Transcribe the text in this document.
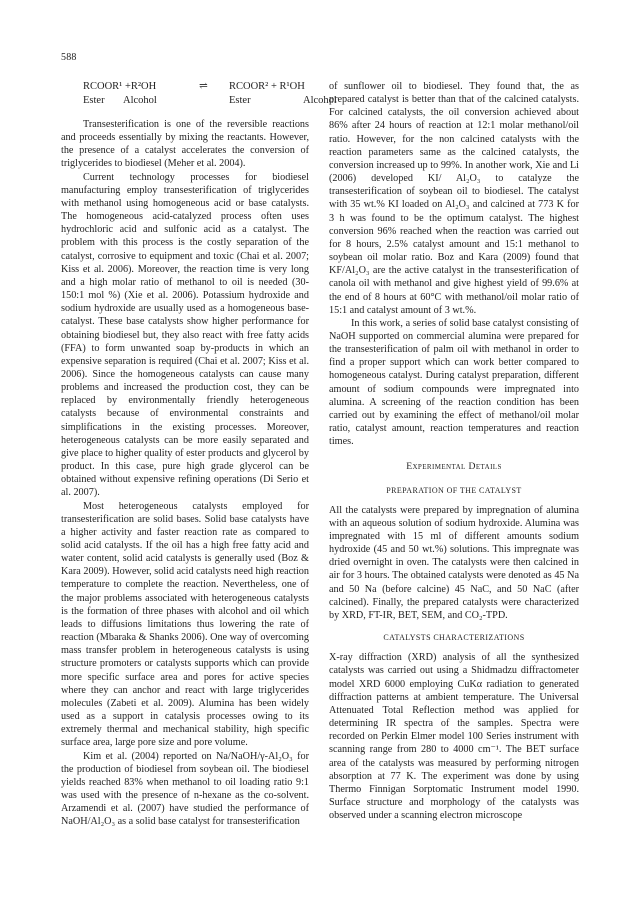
588
RCOOR¹ +R²OH	⇌	RCOOR² + R¹OH
Ester	Alcohol	Ester	Alcohol

Transesterification is one of the reversible reactions and proceeds essentially by mixing the reactants. However, the presence of a catalyst accelerates the conversion of triglycerides to biodiesel (Meher et al. 2004).

Current technology processes for biodiesel manufacturing employ transesterification of triglycerides with methanol using homogeneous acid or base catalysts. The homogeneous acid-catalyzed process often uses hydrochloric acid and sulfonic acid as a catalyst. The problem with this process is the costly separation of the catalyst, corrosive to equipment and toxic (Chai et al. 2007; Kiss et al. 2006). Moreover, the reaction time is very long and a high molar ratio of methanol to oil is needed (30-150:1 mol %) (Xie et al. 2006). Potassium hydroxide and sodium hydroxide are usually used as a homogeneous base-catalyst. These base catalysts show higher performance for obtaining biodiesel but, they also react with free fatty acids (FFA) to form unwanted soap by-products in which an expensive separation is required (Chai et al. 2007; Kiss et al. 2006). Since the homogeneous catalysts can cause many problems and increased the production cost, they can be replaced by environmentally friendly heterogeneous catalysts because of environmental constraints and simplifications in the existing processes. Moreover, heterogeneous catalysts can be more easily separated and give place to higher quality of ester products and glycerol by product. In this case, pure high grade glycerol can be obtained without expensive refining operations (Di Serio et al. 2007).

Most heterogeneous catalysts employed for transesterification are solid bases. Solid base catalysts have a higher activity and faster reaction rate as compared to solid acid catalysts. If the oil has a high free fatty acid and water content, solid acid catalysts is generally used (Boz & Kara 2009). However, solid acid catalysts need high reaction temperature to complete the reaction. Nevertheless, one of the major problems associated with heterogeneous catalysts is the formation of three phases with alcohol and oil which leads to diffusions limitations thus lowering the rate of reaction (Mbaraka & Shanks 2006). One way of overcoming mass transfer problem in heterogeneous catalysts is using structure promoters or catalysts supports which can provide more specific surface area and pores for active species where they can anchor and react with large triglycerides molecules (Zabeti et al. 2009). Alumina has been widely used as a support in catalysis processes owing to its extremely thermal and mechanical stability, high specific surface area, large pore size and pore volume.

Kim et al. (2004) reported on Na/NaOH/γ-Al₂O₃ for the production of biodiesel from soybean oil. The biodiesel yields reached 83% when methanol to oil loading ratio 9:1 was used with the presence of n-hexane as the co-solvent. Arzamendi et al. (2007) have studied the performance of NaOH/Al₂O₃ as a solid base catalyst for transesterification

of sunflower oil to biodiesel. They found that, the as prepared catalyst is better than that of the calcined catalysts. For calcined catalysts, the oil conversion achieved about 86% after 24 hours of reaction at 12:1 molar methanol/oil ratio. However, for the non calcined catalysts with the reaction parameters same as the calcined catalysts, the conversion increased up to 99%. In another work, Xie and Li (2006) developed KI/ Al₂O₃ to catalyze the transesterification of soybean oil to biodiesel. The catalyst with 35 wt.% KI loaded on Al₂O₃ and calcined at 773 K for 3 h was found to be the optimum catalyst. The highest conversion 96% reached when the reaction was carried out for 8 hours, 2.5% catalyst amount and 15:1 methanol to soybean oil molar ratio. Boz and Kara (2009) found that KF/Al₂O₃ are the active catalyst in the transesterification of canola oil with methanol and give highest yield of 99.6% at the end of 8 hours at 60°C with methanol/oil molar ratio of 15:1 and catalyst amount of 3 wt.%.

In this work, a series of solid base catalyst consisting of NaOH supported on commercial alumina were prepared for the transesterification of palm oil with methanol in order to find a proper support which can work better compared to homogeneous catalyst. During catalyst preparation, different amount of sodium compounds were impregnated into alumina. A screening of the reaction condition has been carried out by examining the effect of methanol/oil molar ratio, catalyst amount, reaction temperatures and reaction times.

Experimental Details
PREPARATION OF THE CATALYST

All the catalysts were prepared by impregnation of alumina with an aqueous solution of sodium hydroxide. Alumina was impregnated with 15 ml of different amounts sodium hydroxide (45 and 50 wt.%) solutions. This impregnate was dried overnight in oven. The catalysts were then calcined in air for 3 hours. The obtained catalysts were denoted as 45 Na and 50 Na (before calcine) 45 NaC, and 50 NaC (after calcined). Finally, the prepared catalysts were characterized by XRD, FT-IR, BET, SEM, and CO₂-TPD.

CATALYSTS CHARACTERIZATIONS

X-ray diffraction (XRD) analysis of all the synthesized catalysts was carried out using a Shidmadzu diffractometer model XRD 6000 employing CuKα radiation to generated diffraction patterns at ambient temperature. The Universal Attenuated Total Reflection method was applied for determining IR spectra of the samples. Spectra were recorded on Perkin Elmer model 100 Series instrument with scanning range from 280 to 4000 cm⁻¹. The BET surface area of the catalysts was measured by performing nitrogen absorption at 77 K. The experiment was done by using Thermo Finnigan Sorptomatic Instrument model 1990. Surface structure and morphology of the catalysts was observed under a scanning electron microscope
